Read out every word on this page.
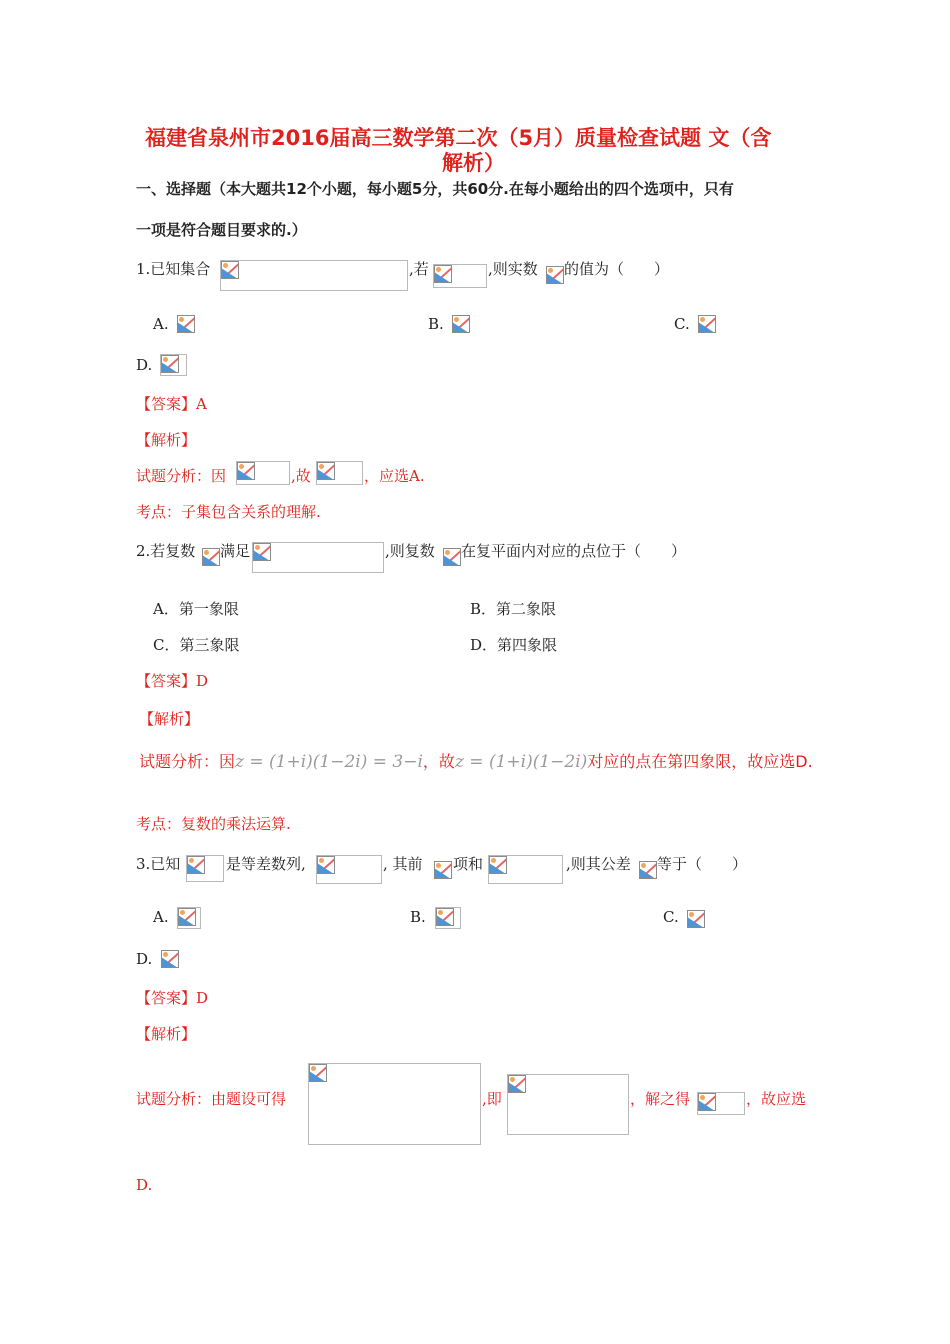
福建省泉州市2016届高三数学第二次（5月）质量检查试题 文（含
解析）
一、选择题（本大题共12个小题，每小题5分，共60分.在每小题给出的四个选项中，只有
一项是符合题目要求的.）
1.已知集合	,若	,则实数 的值为（　　）
A.	B.	C.
D.
【答案】A
【解析】
试题分析：因	,故	，应选A.
考点：子集包含关系的理解.
2.若复数 满足	,则复数 在复平面内对应的点位于（　　）
A．第一象限	B．第二象限
C．第三象限	D．第四象限
【答案】D
【解析】
试题分析：因z = (1+i)(1−2i) = 3−i，故z = (1+i)(1−2i)对应的点在第四象限，故应选D.
考点：复数的乘法运算.
3.已知	是等差数列,	, 其前 项和	,则其公差 等于（　　）
A.	B.	C.
D.
【答案】D
【解析】
试题分析：由题设可得	,即	，解之得	，故应选
D.
